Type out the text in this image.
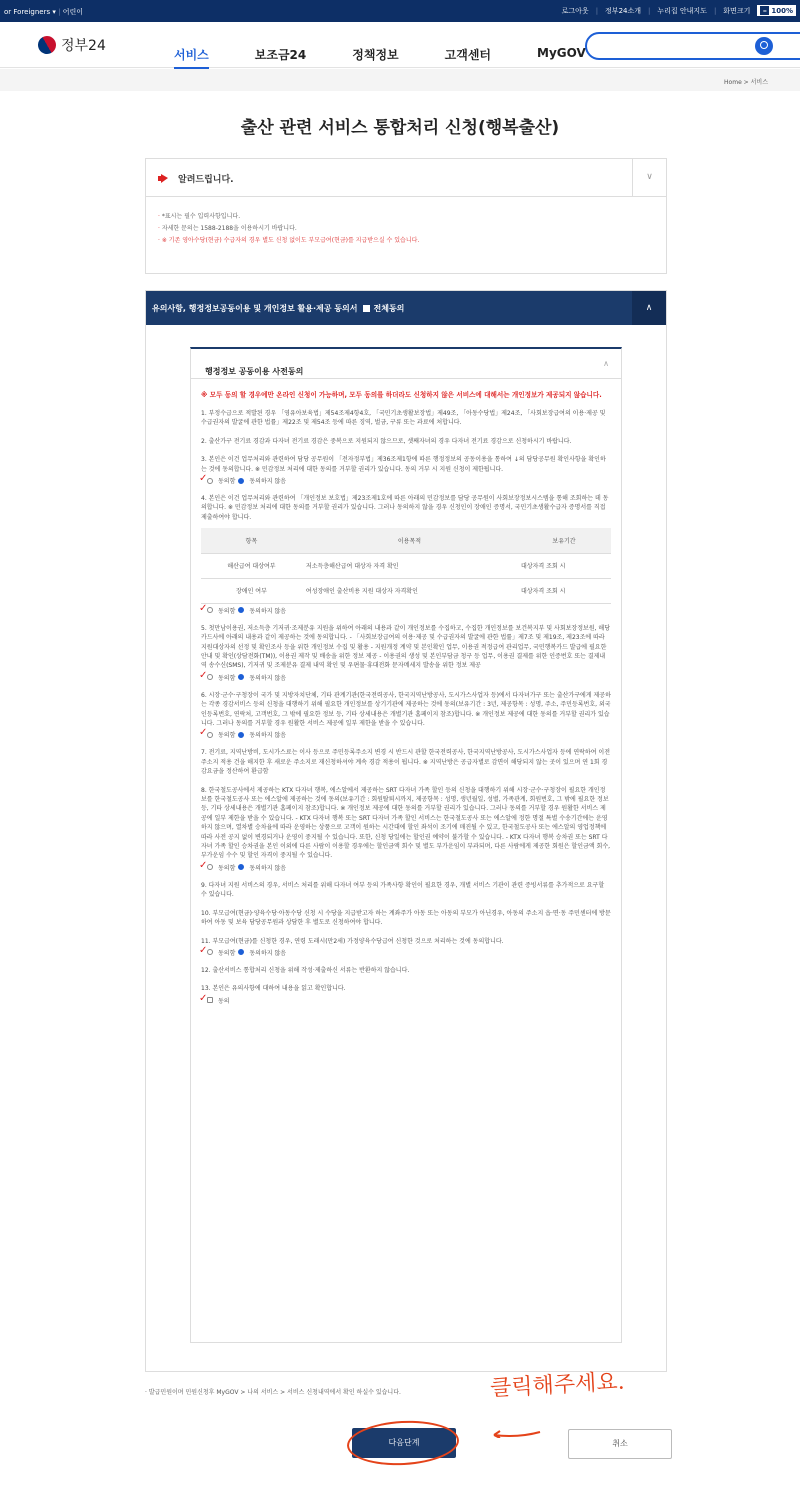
or Foreigners ▾ | 어린이	로그아웃 | 정부24소개 | 누리집 안내지도 | 화면크기	– 100%
정부24
서비스	보조금24	정책정보	고객센터	MyGOV
Home > 서비스
출산 관련 서비스 통합처리 신청(행복출산)
알려드립니다.	∨
· *표시는 필수 입력사항입니다.
· 자세한 문의는 1588-2188을 이용하시기 바랍니다.
· ※ 기존 영아수당(현금) 수급자의 경우 별도 신청 없이도 부모급여(현금)를 지급받으실 수 있습니다.
유의사항, 행정정보공동이용 및 개인정보 활용·제공 동의서 전체동의	∧
행정정보 공동이용 사전동의
∧
※ 모두 동의 할 경우에만 온라인 신청이 가능하며, 모두 동의를 하더라도 신청하지 않은 서비스에 대해서는 개인정보가 제공되지 않습니다.
1. 부정수급으로 적발된 경우 「영유아보육법」제54조제4항4호, 「국민기초생활보장법」제49조, 「아동수당법」제24조, 「사회보장급여의 이용·제공 및 수급권자의 발굴에 관한 법률」제22조 및 제54조 등에 따른 징역, 벌금, 구류 또는 과료에 처합니다.
2. 출산가구 전기료 경감과 다자녀 전기료 경감은 중복으로 지원되지 않으므로, 셋째자녀의 경우 다자녀 전기료 경감으로 신청하시기 바랍니다.
3. 본인은 이건 업무처리와 관련하여 담당 공무원이 「전자정부법」제36조제1항에 따른 행정정보의 공동이용을 통하여 ↓의 담당공무원 확인사항을 확인하는 것에 동의합니다. ※ 민감정보 처리에 대한 동의를 거부할 권리가 있습니다. 동의 거부 시 지원 신청이 제한됩니다.
✓ 동의함 동의하지 않음
4. 본인은 이건 업무처리와 관련하여 「개인정보 보호법」제23조제1호에 따른 아래의 민감정보를 담당 공무원이 사회보장정보시스템을 통해 조회하는 데 동의합니다. ※ 민감정보 처리에 대한 동의를 거부할 권리가 있습니다. 그러나 동의하지 않을 경우 신청인이 장애인 증명서, 국민기초생활수급자 증명서를 직접 제출하여야 합니다.
항목	이용목적	보유기간
해산급여 대상여부	저소득층해산급여 대상자 자격 확인	대상자격 조회 시
장애인 여부	여성장애인 출산비용 지원 대상자 자격확인	대상자격 조회 시
✓ 동의함 동의하지 않음
5. 첫만남이용권, 저소득층 기저귀·조제분유 지원을 위하여 아래의 내용과 같이 개인정보를 수집하고, 수집한 개인정보를 보건복지부 및 사회보장정보원, 해당카드사에 아래의 내용과 같이 제공하는 것에 동의합니다. - 「사회보장급여의 이용·제공 및 수급권자의 발굴에 관한 법률」제7조 및 제19조, 제23조에 따라 지원대상자의 선정 및 확인조사 등을 위한 개인정보 수집 및 활용 - 지원개정 계약 및 본인확인 업무, 이용권 적정급여 관리업무, 국민행복카드 발급에 필요한 안내 및 확인(상담전화(TM)), 이용권 제작 및 배송을 위한 정보 제공 - 이용권의 생성 및 본인부담금 청구 등 업무, 이용권 결제를 위한 인증번호 또는 결제내역 송수신(SMS), 기저귀 및 조제분유 결제 내역 확인 및 우편물·휴대전화 문자메세지 발송을 위한 정보 제공
✓ 동의함 동의하지 않음
6. 시장·군수·구청장이 국가 및 지방자치단체, 기타 관계기관(한국전력공사, 한국지역난방공사, 도시가스사업자 등)에서 다자녀가구 또는 출산가구에게 제공하는 각종 경감서비스 등의 신청을 대행하기 위해 필요한 개인정보를 상기기관에 제공하는 것에 동의(보유기간 : 3년, 제공항목 : 성명, 주소, 주민등록번호, 외국인등록번호, 연락처, 고객번호, 그 밖에 필요한 정보 등, 기타 상세내용은 개별기관 홈페이지 참조)합니다. ※ 개인정보 제공에 대한 동의를 거부할 권리가 있습니다. 그러나 동의를 거부할 경우 원활한 서비스 제공에 일부 제한을 받을 수 있습니다.
✓ 동의함 동의하지 않음
7. 전기료, 지역난방비, 도시가스료는 이사 등으로 주민등록주소지 변경 시 반드시 관할 한국전력공사, 한국지역난방공사, 도시가스사업자 등에 연락하여 이전 주소지 적용 건을 해지한 후 새로운 주소지로 재신청하셔야 계속 경감 적용이 됩니다. ※ 지역난방은 공급자별로 감면이 해당되지 않는 곳이 있으며 연 1회 경감요금을 정산하여 환급함
8. 한국철도공사에서 제공하는 KTX 다자녀 행복, 에스알에서 제공하는 SRT 다자녀 가족 할인 등의 신청을 대행하기 위해 시장·군수·구청장이 필요한 개인정보를 한국철도공사 또는 에스알에 제공하는 것에 동의(보유기간 : 회원탈퇴시까지, 제공항목 : 성명, 생년월일, 성별, 가족관계, 회원번호, 그 밖에 필요한 정보 등, 기타 상세내용은 개별기관 홈페이지 참조)합니다. ※ 개인정보 제공에 대한 동의를 거부할 권리가 있습니다. 그러나 동의를 거부할 경우 원활한 서비스 제공에 일부 제한을 받을 수 있습니다. - KTX 다자녀 행복 또는 SRT 다자녀 가족 할인 서비스는 한국철도공사 또는 에스알에 정한 명절 특별 수송기간에는 운영하지 않으며, 열차별 승차율에 따라 운영하는 상품으로 고객이 원하는 시간대에 할인 좌석이 조기에 매진될 수 있고, 한국철도공사 또는 에스알의 영업정책에 따라 사전 공지 없이 변경되거나 운영이 중지될 수 있습니다. 또한, 신청 당일에는 할인권 예약이 불가할 수 있습니다. - KTX 다자녀 행복 승차권 또는 SRT 다자녀 가족 할인 승차권을 본인 이외에 다른 사람이 이용할 경우에는 할인금액 회수 및 별도 부가운임이 부과되며, 다른 사람에게 제공한 회원은 할인금액 회수, 부가운임 수수 및 할인 자격이 중지될 수 있습니다.
✓ 동의함 동의하지 않음
9. 다자녀 지원 서비스의 경우, 서비스 처리를 위해 다자녀 여부 등의 가족사항 확인이 필요한 경우, 개별 서비스 기관이 관련 증빙서류를 추가적으로 요구할 수 있습니다.
10. 부모급여(현금)·양육수당·아동수당 신청 시 수당을 지급받고자 하는 계좌주가 아동 또는 아동의 부모가 아닌경우, 아동의 주소지 읍·면·동 주민센터에 방문하여 아동 및 보육 담당공무원과 상담한 후 별도로 신청하여야 합니다.
11. 부모급여(현금)를 신청한 경우, 연령 도래시(만2세) 가정양육수당급여 신청한 것으로 처리하는 것에 동의합니다.
✓ 동의함 동의하지 않음
12. 출산서비스 통합처리 신청을 위해 작성·제출하신 서류는 반환하지 않습니다.
13. 본인은 유의사항에 대하여 내용을 읽고 확인합니다.
✓ 동의
· 발급민원이며 민원신청후 MyGOV > 나의 서비스 > 서비스 신청내역에서 확인 하실수 있습니다.	클릭해주세요.
다음단계	취소
